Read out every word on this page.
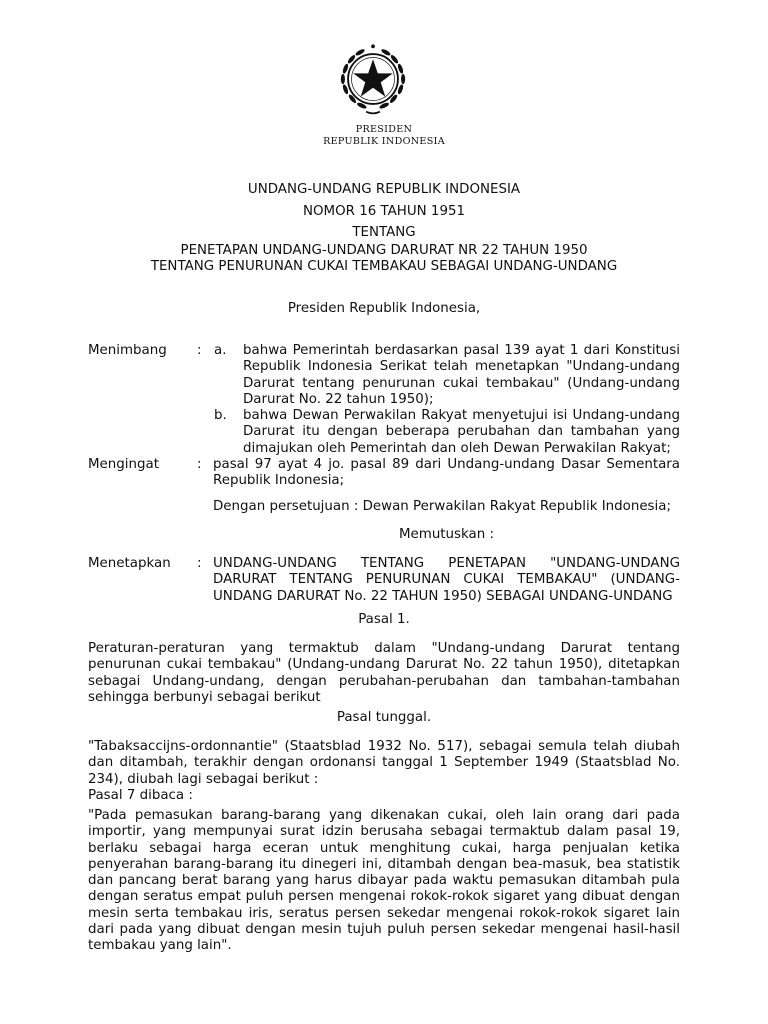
PRESIDEN
REPUBLIK INDONESIA
UNDANG-UNDANG REPUBLIK INDONESIA
NOMOR 16 TAHUN 1951
TENTANG
PENETAPAN UNDANG-UNDANG DARURAT NR 22 TAHUN 1950
TENTANG PENURUNAN CUKAI TEMBAKAU SEBAGAI UNDANG-UNDANG
Presiden Republik Indonesia,
Menimbang : a. bahwa Pemerintah berdasarkan pasal 139 ayat 1 dari Konstitusi Republik Indonesia Serikat telah menetapkan "Undang-undang Darurat tentang penurunan cukai tembakau" (Undang-undang Darurat No. 22 tahun 1950);
b. bahwa Dewan Perwakilan Rakyat menyetujui isi Undang-undang Darurat itu dengan beberapa perubahan dan tambahan yang dimajukan oleh Pemerintah dan oleh Dewan Perwakilan Rakyat;
Mengingat	: pasal 97 ayat 4 jo. pasal 89 dari Undang-undang Dasar Sementara Republik Indonesia;
Dengan persetujuan : Dewan Perwakilan Rakyat Republik Indonesia;
Memutuskan :
Menetapkan : UNDANG-UNDANG TENTANG PENETAPAN "UNDANG-UNDANG
DARURAT TENTANG PENURUNAN CUKAI TEMBAKAU" (UNDANG-
UNDANG DARURAT No. 22 TAHUN 1950) SEBAGAI UNDANG-UNDANG
Pasal 1.
Peraturan-peraturan yang termaktub dalam "Undang-undang Darurat tentang penurunan cukai tembakau" (Undang-undang Darurat No. 22 tahun 1950), ditetapkan sebagai Undang-undang, dengan perubahan-perubahan dan tambahan-tambahan sehingga berbunyi sebagai berikut
Pasal tunggal.
"Tabaksaccijns-ordonnantie" (Staatsblad 1932 No. 517), sebagai semula telah diubah dan ditambah, terakhir dengan ordonansi tanggal 1 September 1949 (Staatsblad No. 234), diubah lagi sebagai berikut :
Pasal 7 dibaca :
"Pada pemasukan barang-barang yang dikenakan cukai, oleh lain orang dari pada importir, yang mempunyai surat idzin berusaha sebagai termaktub dalam pasal 19, berlaku sebagai harga eceran untuk menghitung cukai, harga penjualan ketika penyerahan barang-barang itu dinegeri ini, ditambah dengan bea-masuk, bea statistik dan pancang berat barang yang harus dibayar pada waktu pemasukan ditambah pula dengan seratus empat puluh persen mengenai rokok-rokok sigaret yang dibuat dengan mesin serta tembakau iris, seratus persen sekedar mengenai rokok-rokok sigaret lain dari pada yang dibuat dengan mesin tujuh puluh persen sekedar mengenai hasil-hasil tembakau yang lain".
